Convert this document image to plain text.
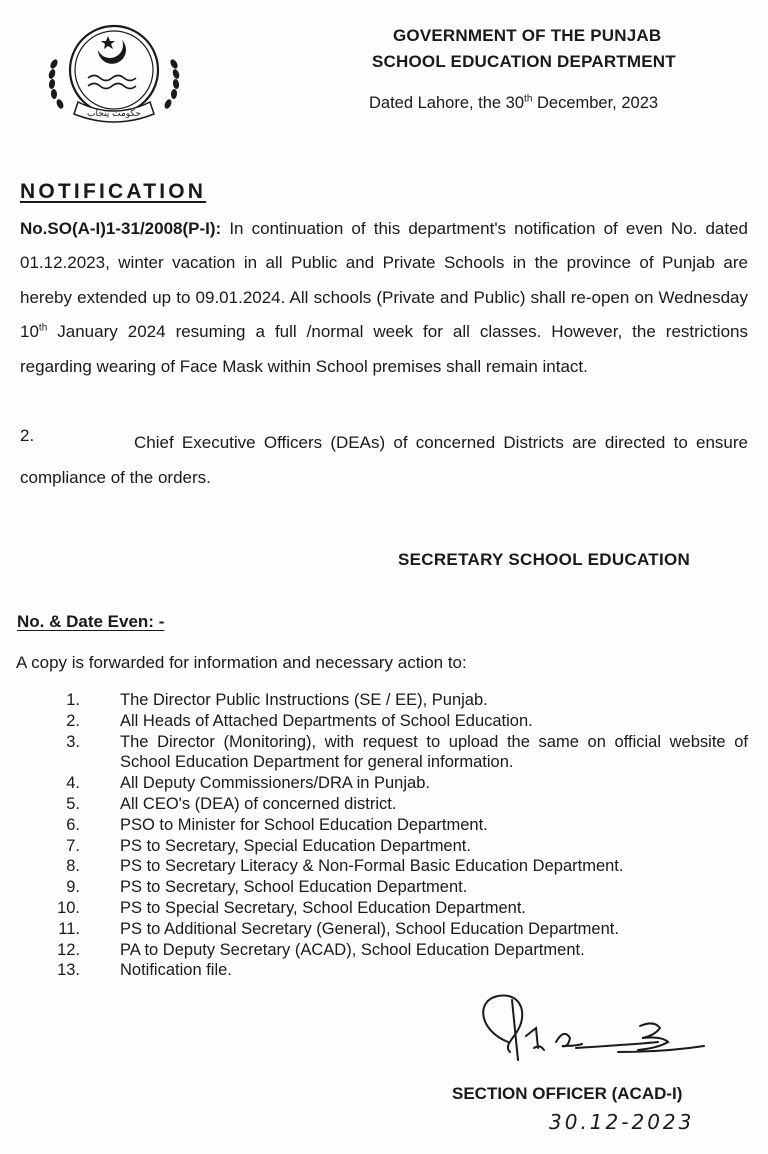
حکومت پنجاب
GOVERNMENT OF THE PUNJAB
SCHOOL EDUCATION DEPARTMENT
Dated Lahore, the 30th December, 2023
NOTIFICATION
No.SO(A-I)1-31/2008(P-I): In continuation of this department's notification of even No. dated 01.12.2023, winter vacation in all Public and Private Schools in the province of Punjab are hereby extended up to 09.01.2024. All schools (Private and Public) shall re-open on Wednesday 10th January 2024 resuming a full /normal week for all classes. However, the restrictions regarding wearing of Face Mask within School premises shall remain intact.
Chief Executive Officers (DEAs) of concerned Districts are directed to ensure compliance of the orders.
2.
SECRETARY SCHOOL EDUCATION
No. & Date Even: -
A copy is forwarded for information and necessary action to:
1. The Director Public Instructions (SE / EE), Punjab.
2. All Heads of Attached Departments of School Education.
3. The Director (Monitoring), with request to upload the same on official website of School Education Department for general information.
4. All Deputy Commissioners/DRA in Punjab.
5. All CEO's (DEA) of concerned district.
6. PSO to Minister for School Education Department.
7. PS to Secretary, Special Education Department.
8. PS to Secretary Literacy & Non-Formal Basic Education Department.
9. PS to Secretary, School Education Department.
10. PS to Special Secretary, School Education Department.
11. PS to Additional Secretary (General), School Education Department.
12. PA to Deputy Secretary (ACAD), School Education Department.
13. Notification file.
SECTION OFFICER (ACAD-I)
30.12-2023
